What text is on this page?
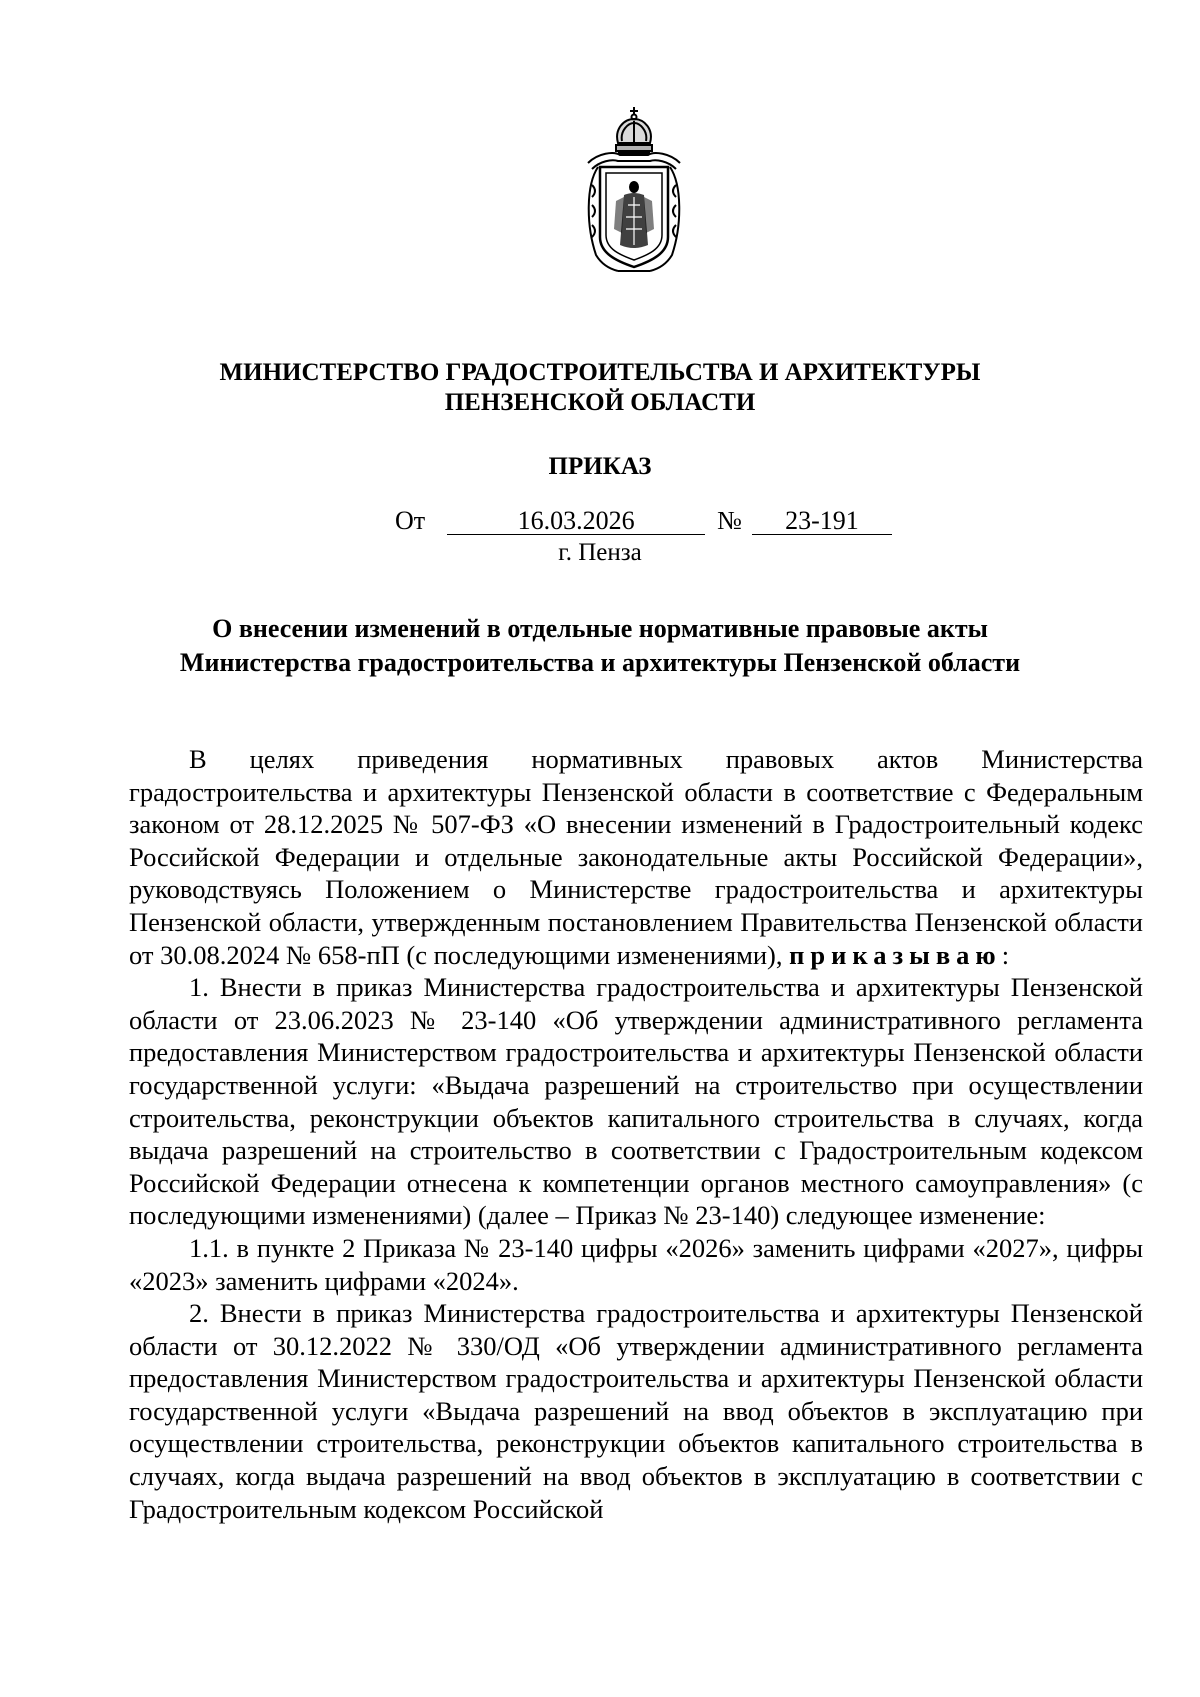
МИНИСТЕРСТВО ГРАДОСТРОИТЕЛЬСТВА И АРХИТЕКТУРЫ
ПЕНЗЕНСКОЙ ОБЛАСТИ
ПРИКАЗ
От	16.03.2026	№ 23-191
г. Пенза
О внесении изменений в отдельные нормативные правовые акты
Министерства градостроительства и архитектуры Пензенской области

В целях приведения нормативных правовых актов Министерства градостроительства и архитектуры Пензенской области в соответствие с Федеральным законом от 28.12.2025 № 507-ФЗ «О внесении изменений в Градостроительный кодекс Российской Федерации и отдельные законодательные акты Российской Федерации», руководствуясь Положением о Министерстве градостроительства и архитектуры Пензенской области, утвержденным постановлением Правительства Пензенской области от 30.08.2024 № 658-пП (с последующими изменениями), приказываю:

1. Внести в приказ Министерства градостроительства и архитектуры Пензенской области от 23.06.2023 № 23-140 «Об утверждении административного регламента предоставления Министерством градостроительства и архитектуры Пензенской области государственной услуги: «Выдача разрешений на строительство при осуществлении строительства, реконструкции объектов капитального строительства в случаях, когда выдача разрешений на строительство в соответствии с Градостроительным кодексом Российской Федерации отнесена к компетенции органов местного самоуправления» (с последующими изменениями) (далее – Приказ № 23-140) следующее изменение:

1.1. в пункте 2 Приказа № 23-140 цифры «2026» заменить цифрами «2027», цифры «2023» заменить цифрами «2024».

2. Внести в приказ Министерства градостроительства и архитектуры Пензенской области от 30.12.2022 № 330/ОД «Об утверждении административного регламента предоставления Министерством градостроительства и архитектуры Пензенской области государственной услуги «Выдача разрешений на ввод объектов в эксплуатацию при осуществлении строительства, реконструкции объектов капитального строительства в случаях, когда выдача разрешений на ввод объектов в эксплуатацию в соответствии с Градостроительным кодексом Российской
